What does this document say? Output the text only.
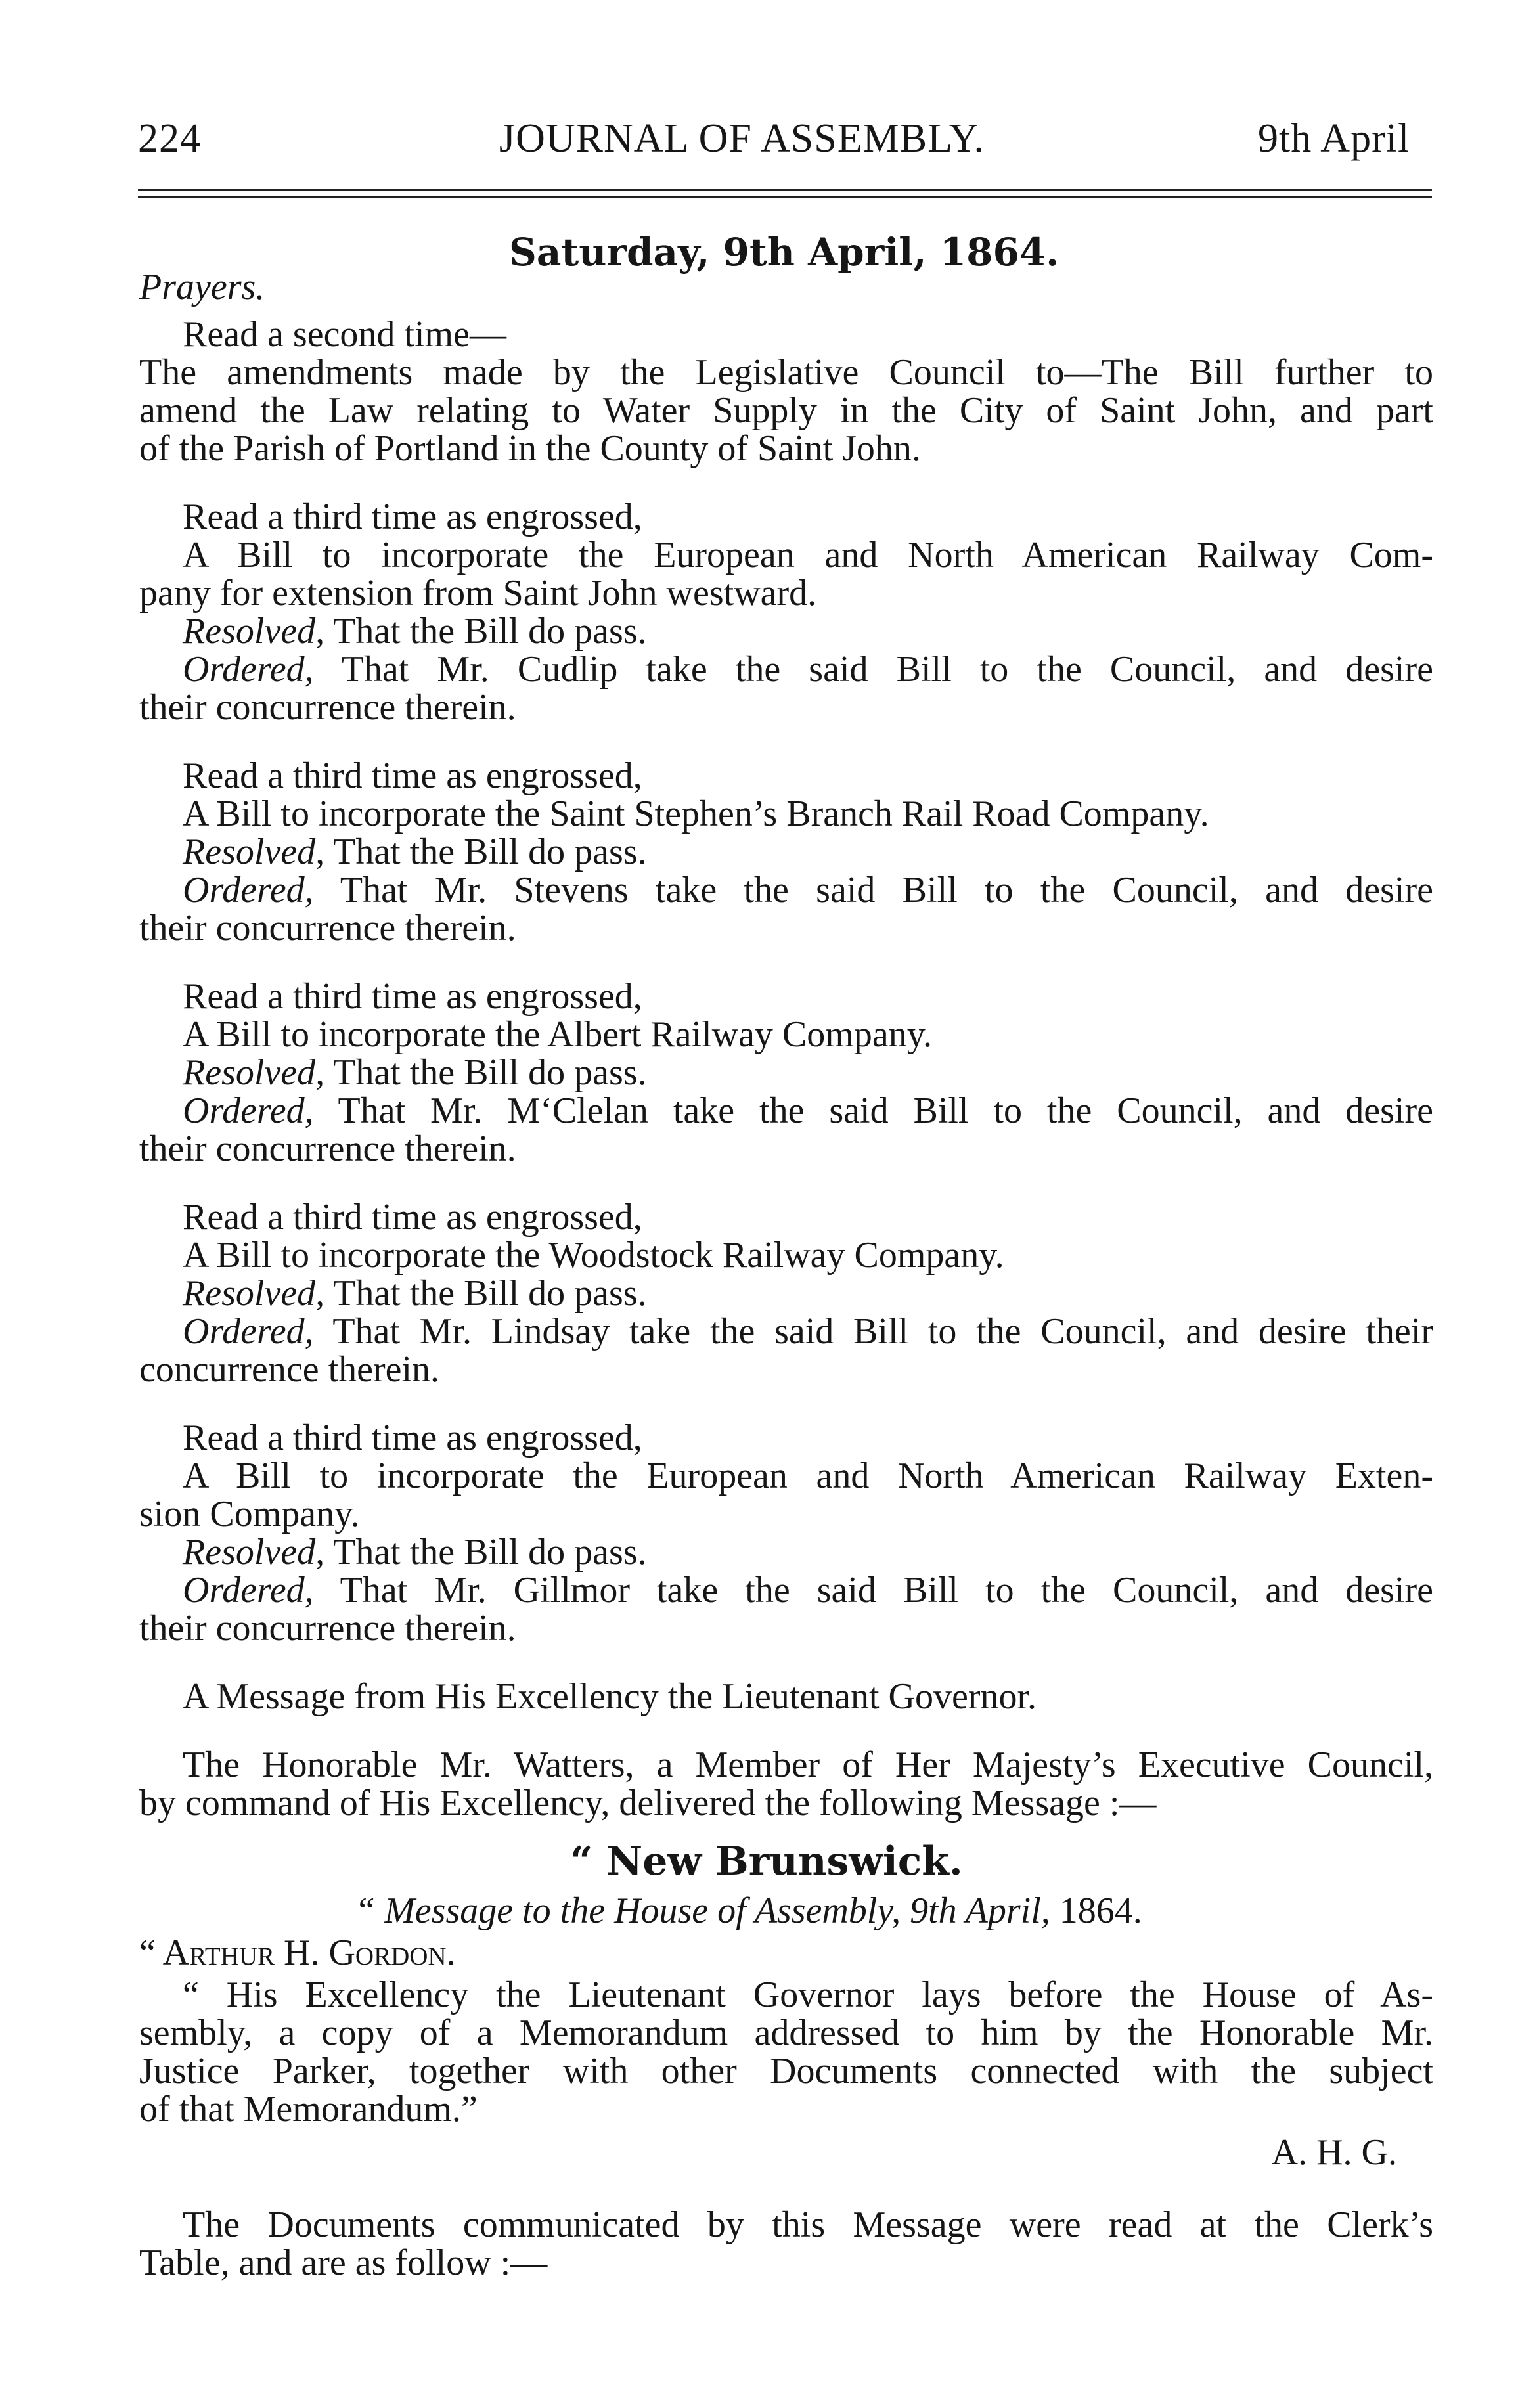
224	JOURNAL OF ASSEMBLY.	9th April
Saturday, 9th April, 1864.
Prayers.
Read a second time—
The amendments made by the Legislative Council to—The Bill further to
amend the Law relating to Water Supply in the City of Saint John, and part
of the Parish of Portland in the County of Saint John.
Read a third time as engrossed,
A Bill to incorporate the European and North American Railway Com-
pany for extension from Saint John westward.
Resolved, That the Bill do pass.
Ordered, That Mr. Cudlip take the said Bill to the Council, and desire
their concurrence therein.
Read a third time as engrossed,
A Bill to incorporate the Saint Stephen’s Branch Rail Road Company.
Resolved, That the Bill do pass.
Ordered, That Mr. Stevens take the said Bill to the Council, and desire
their concurrence therein.
Read a third time as engrossed,
A Bill to incorporate the Albert Railway Company.
Resolved, That the Bill do pass.
Ordered, That Mr. M‘Clelan take the said Bill to the Council, and desire
their concurrence therein.
Read a third time as engrossed,
A Bill to incorporate the Woodstock Railway Company.
Resolved, That the Bill do pass.
Ordered, That Mr. Lindsay take the said Bill to the Council, and desire their
concurrence therein.
Read a third time as engrossed,
A Bill to incorporate the European and North American Railway Exten-
sion Company.
Resolved, That the Bill do pass.
Ordered, That Mr. Gillmor take the said Bill to the Council, and desire
their concurrence therein.
A Message from His Excellency the Lieutenant Governor.
The Honorable Mr. Watters, a Member of Her Majesty’s Executive Council,
by command of His Excellency, delivered the following Message :—
“ New Brunswick.
“ Message to the House of Assembly, 9th April, 1864.
“ Arthur H. Gordon.
“ His Excellency the Lieutenant Governor lays before the House of As-
sembly, a copy of a Memorandum addressed to him by the Honorable Mr.
Justice Parker, together with other Documents connected with the subject
of that Memorandum.”
A. H. G.
The Documents communicated by this Message were read at the Clerk’s
Table, and are as follow :—
